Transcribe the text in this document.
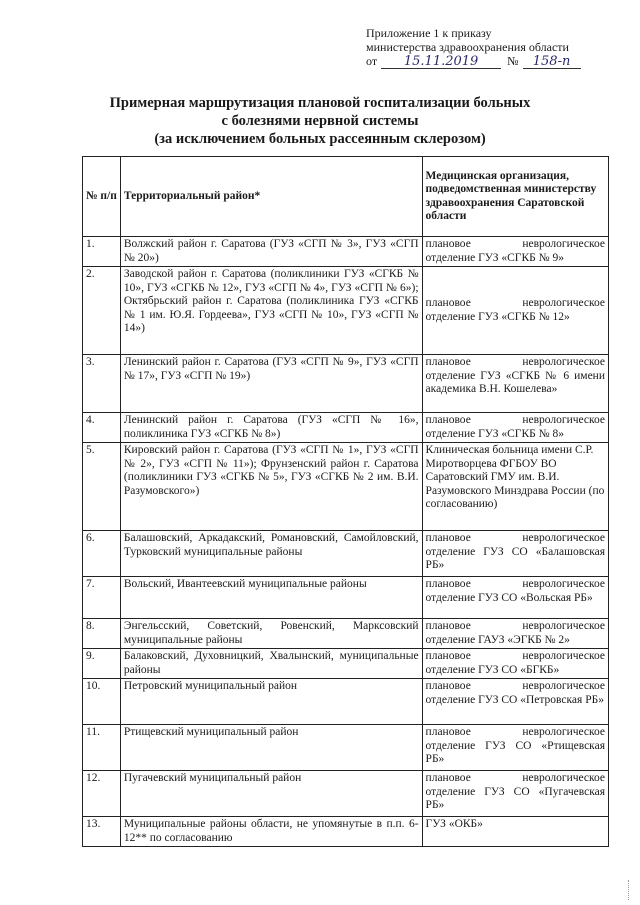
Приложение 1 к приказу
министерства здравоохранения области
от 15.11.2019 № 158-п
Примерная маршрутизация плановой госпитализации больных
с болезнями нервной системы
(за исключением больных рассеянным склерозом)
№ п/п	Территориальный район*	Медицинская организация, подведомственная министерству здравоохранения Саратовской области
1.	Волжский район г. Саратова (ГУЗ «СГП № 3», ГУЗ «СГП № 20»)	плановое неврологическое отделение ГУЗ «СГКБ № 9»
2.	Заводской район г. Саратова (поликлиники ГУЗ «СГКБ № 10», ГУЗ «СГКБ № 12», ГУЗ «СГП № 4», ГУЗ «СГП № 6»); Октябрьский район г. Саратова (поликлиника ГУЗ «СГКБ № 1 им. Ю.Я. Гордеева», ГУЗ «СГП № 10», ГУЗ «СГП № 14»)	плановое неврологическое отделение ГУЗ «СГКБ № 12»
3.	Ленинский район г. Саратова (ГУЗ «СГП № 9», ГУЗ «СГП № 17», ГУЗ «СГП № 19»)	плановое неврологическое отделение ГУЗ «СГКБ № 6 имени академика В.Н. Кошелева»
4.	Ленинский район г. Саратова (ГУЗ «СГП № 16», поликлиника ГУЗ «СГКБ № 8»)	плановое неврологическое отделение ГУЗ «СГКБ № 8»
5.	Кировский район г. Саратова (ГУЗ «СГП № 1», ГУЗ «СГП № 2», ГУЗ «СГП № 11»); Фрунзенский район г. Саратова (поликлиники ГУЗ «СГКБ № 5», ГУЗ «СГКБ № 2 им. В.И. Разумовского»)	Клиническая больница имени С.Р. Миротворцева ФГБОУ ВО Саратовский ГМУ им. В.И. Разумовского Минздрава России (по согласованию)
6.	Балашовский, Аркадакский, Романовский, Самойловский, Турковский муниципальные районы	плановое неврологическое отделение ГУЗ СО «Балашовская РБ»
7.	Вольский, Ивантеевский муниципальные районы	плановое неврологическое отделение ГУЗ СО «Вольская РБ»
8.	Энгельсский, Советский, Ровенский, Марксовский муниципальные районы	плановое неврологическое отделение ГАУЗ «ЭГКБ № 2»
9.	Балаковский, Духовницкий, Хвалынский, муниципальные районы	плановое неврологическое отделение ГУЗ СО «БГКБ»
10.	Петровский муниципальный район	плановое неврологическое отделение ГУЗ СО «Петровская РБ»
11.	Ртищевский муниципальный район	плановое неврологическое отделение ГУЗ СО «Ртищевская РБ»
12.	Пугачевский муниципальный район	плановое неврологическое отделение ГУЗ СО «Пугачевская РБ»
13.	Муниципальные районы области, не упомянутые в п.п. 6-12** по согласованию	ГУЗ «ОКБ»
